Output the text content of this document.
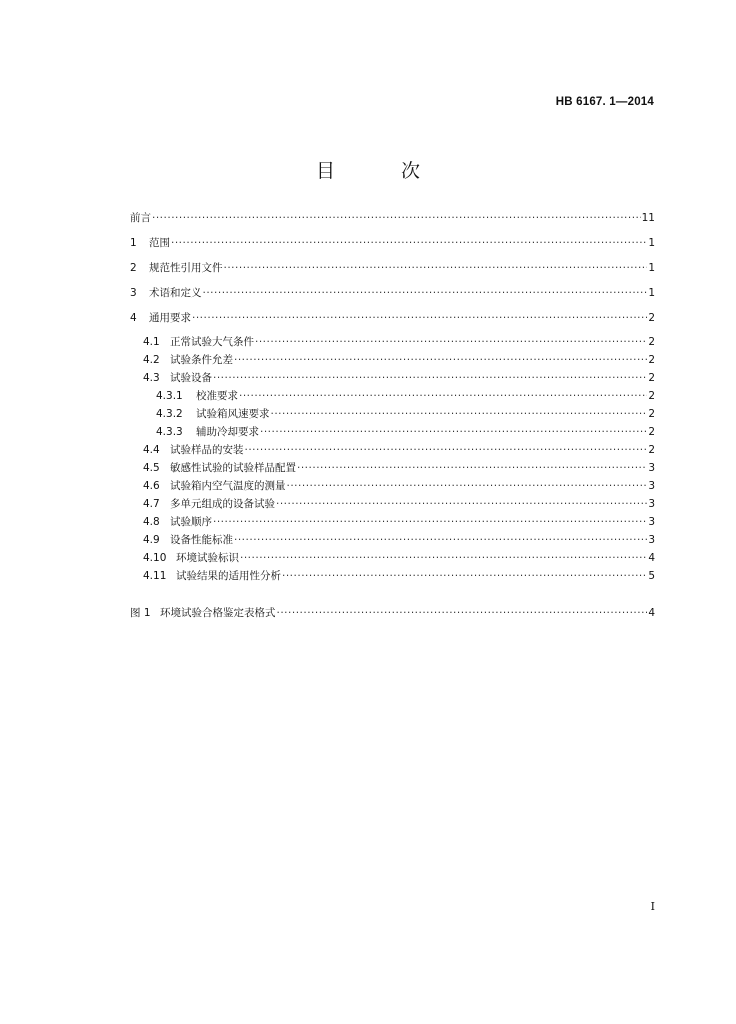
HB 6167. 1—2014
目 次
前言 ·····	11
1	范围 ·····	1
2	规范性引用文件 ·····	1
3	术语和定义 ·····	1
4	通用要求 ·····	2
4.1 正常试验大气条件 ·····	2
4.2 试验条件允差 ·····	2
4.3 试验设备 ·····	2
4.3.1	校准要求 ·····	2
4.3.2	试验箱风速要求 ·····	2
4.3.3	辅助冷却要求 ·····	2
4.4 试验样品的安装 ·····	2
4.5 敏感性试验的试验样品配置 ·····	3
4.6 试验箱内空气温度的测量 ·····	3
4.7 多单元组成的设备试验 ·····	3
4.8 试验顺序 ·····	3
4.9 设备性能标准 ·····	3
4.10 环境试验标识 ·····	4
4.11 试验结果的适用性分析 ·····	5
图 1 环境试验合格鉴定表格式 ·····	4
I
